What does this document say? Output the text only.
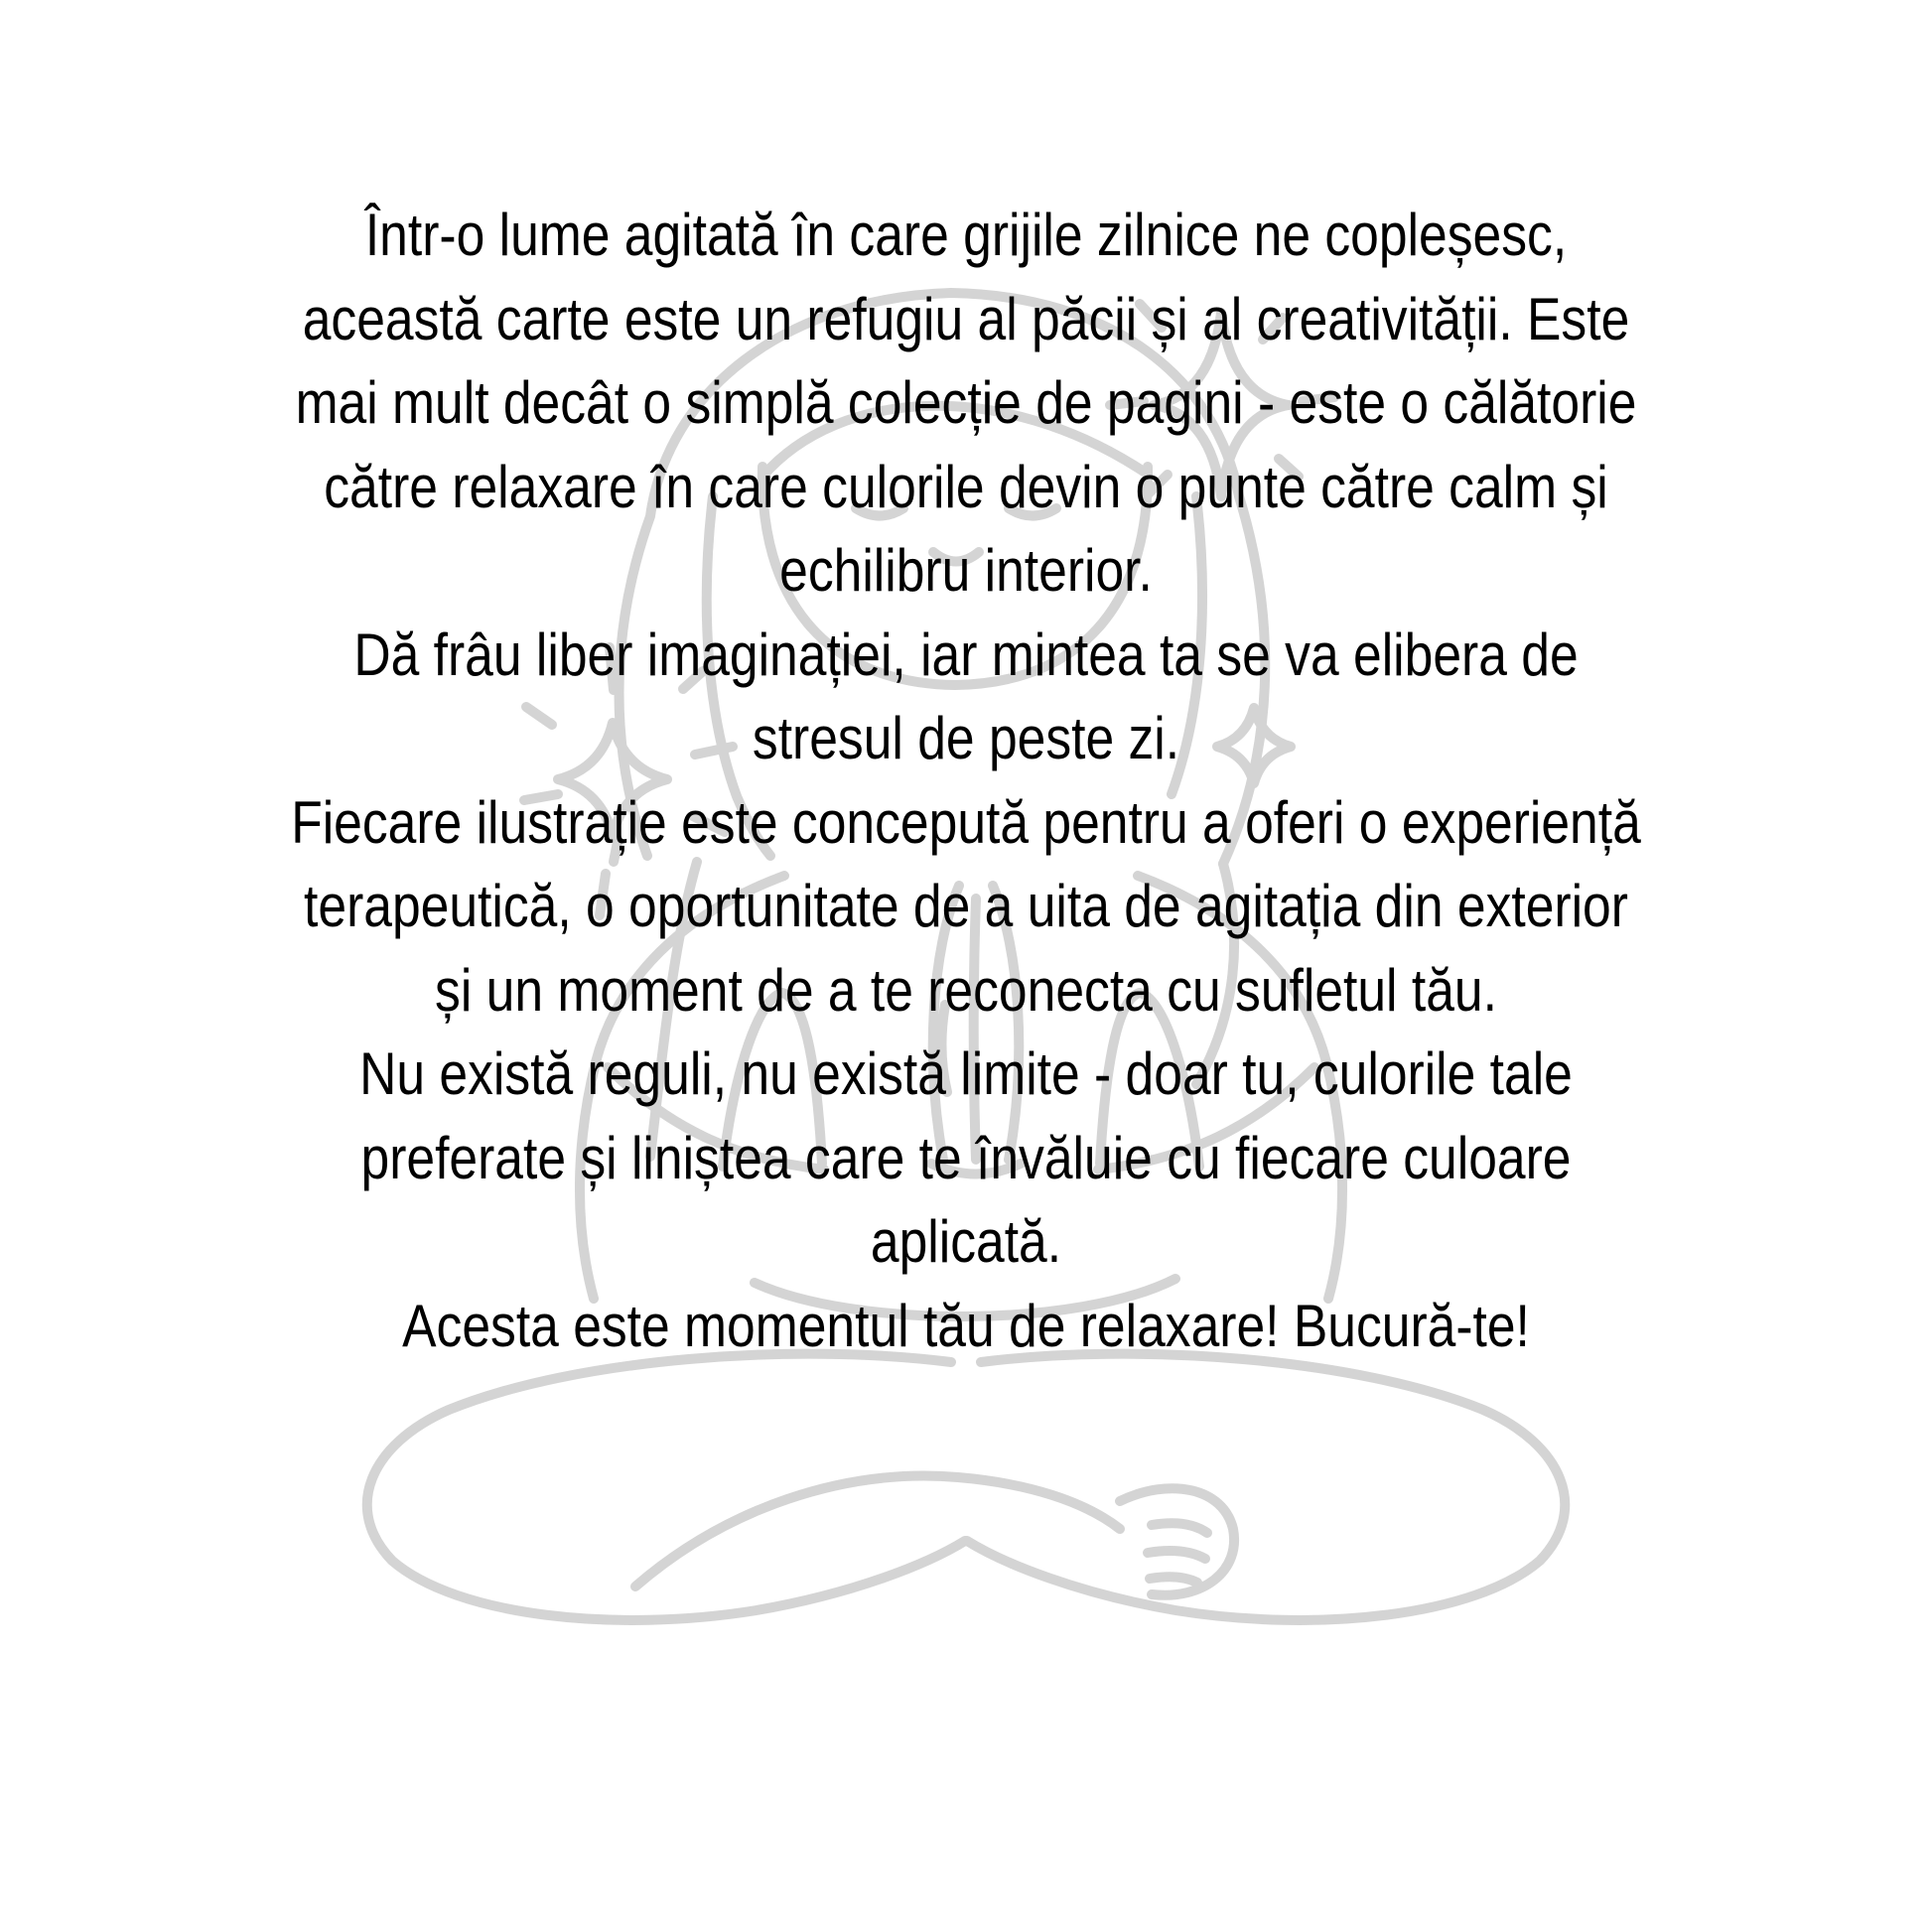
Într-o lume agitată în care grijile zilnice ne copleșesc,
această carte este un refugiu al păcii și al creativității. Este
mai mult decât o simplă colecție de pagini - este o călătorie
către relaxare în care culorile devin o punte către calm și
echilibru interior.
Dă frâu liber imaginației, iar mintea ta se va elibera de
stresul de peste zi.
Fiecare ilustrație este concepută pentru a oferi o experiență
terapeutică, o oportunitate de a uita de agitația din exterior
și un moment de a te reconecta cu sufletul tău.
Nu există reguli, nu există limite - doar tu, culorile tale
preferate și liniștea care te învăluie cu fiecare culoare
aplicată.
Acesta este momentul tău de relaxare! Bucură-te!
